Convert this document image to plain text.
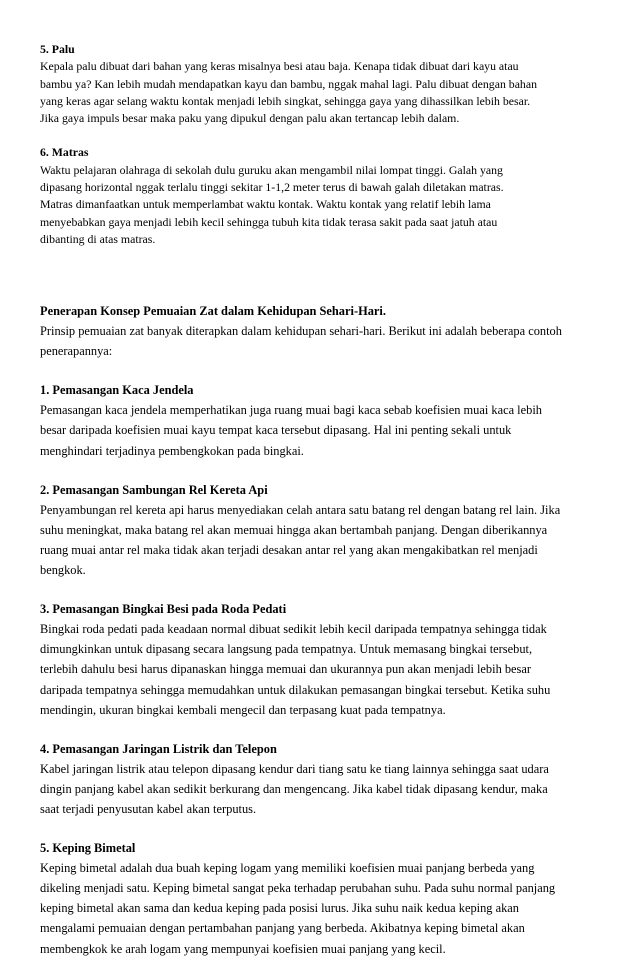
5. Palu

Kepala palu dibuat dari bahan yang keras misalnya besi atau baja. Kenapa tidak dibuat dari kayu atau

bambu ya? Kan lebih mudah mendapatkan kayu dan bambu, nggak mahal lagi. Palu dibuat dengan bahan

yang keras agar selang waktu kontak menjadi lebih singkat, sehingga gaya yang dihassilkan lebih besar.

Jika gaya impuls besar maka paku yang dipukul dengan palu akan tertancap lebih dalam.

6. Matras

Waktu pelajaran olahraga di sekolah dulu guruku akan mengambil nilai lompat tinggi. Galah yang

dipasang horizontal nggak terlalu tinggi sekitar 1-1,2 meter terus di bawah galah diletakan matras.

Matras dimanfaatkan untuk memperlambat waktu kontak. Waktu kontak yang relatif lebih lama

menyebabkan gaya menjadi lebih kecil sehingga tubuh kita tidak terasa sakit pada saat jatuh atau

dibanting di atas matras.

Penerapan Konsep Pemuaian Zat dalam Kehidupan Sehari-Hari.

Prinsip pemuaian zat banyak diterapkan dalam kehidupan sehari-hari. Berikut ini adalah beberapa contoh

penerapannya:

1. Pemasangan Kaca Jendela

Pemasangan kaca jendela memperhatikan juga ruang muai bagi kaca sebab koefisien muai kaca lebih

besar daripada koefisien muai kayu tempat kaca tersebut dipasang. Hal ini penting sekali untuk

menghindari terjadinya pembengkokan pada bingkai.

2. Pemasangan Sambungan Rel Kereta Api

Penyambungan rel kereta api harus menyediakan celah antara satu batang rel dengan batang rel lain. Jika

suhu meningkat, maka batang rel akan memuai hingga akan bertambah panjang. Dengan diberikannya

ruang muai antar rel maka tidak akan terjadi desakan antar rel yang akan mengakibatkan rel menjadi

bengkok.

3. Pemasangan Bingkai Besi pada Roda Pedati

Bingkai roda pedati pada keadaan normal dibuat sedikit lebih kecil daripada tempatnya sehingga tidak

dimungkinkan untuk dipasang secara langsung pada tempatnya. Untuk memasang bingkai tersebut,

terlebih dahulu besi harus dipanaskan hingga memuai dan ukurannya pun akan menjadi lebih besar

daripada tempatnya sehingga memudahkan untuk dilakukan pemasangan bingkai tersebut. Ketika suhu

mendingin, ukuran bingkai kembali mengecil dan terpasang kuat pada tempatnya.

4. Pemasangan Jaringan Listrik dan Telepon

Kabel jaringan listrik atau telepon dipasang kendur dari tiang satu ke tiang lainnya sehingga saat udara

dingin panjang kabel akan sedikit berkurang dan mengencang. Jika kabel tidak dipasang kendur, maka

saat terjadi penyusutan kabel akan terputus.

5. Keping Bimetal

Keping bimetal adalah dua buah keping logam yang memiliki koefisien muai panjang berbeda yang

dikeling menjadi satu. Keping bimetal sangat peka terhadap perubahan suhu. Pada suhu normal panjang

keping bimetal akan sama dan kedua keping pada posisi lurus. Jika suhu naik kedua keping akan

mengalami pemuaian dengan pertambahan panjang yang berbeda. Akibatnya keping bimetal akan

membengkok ke arah logam yang mempunyai koefisien muai panjang yang kecil.
